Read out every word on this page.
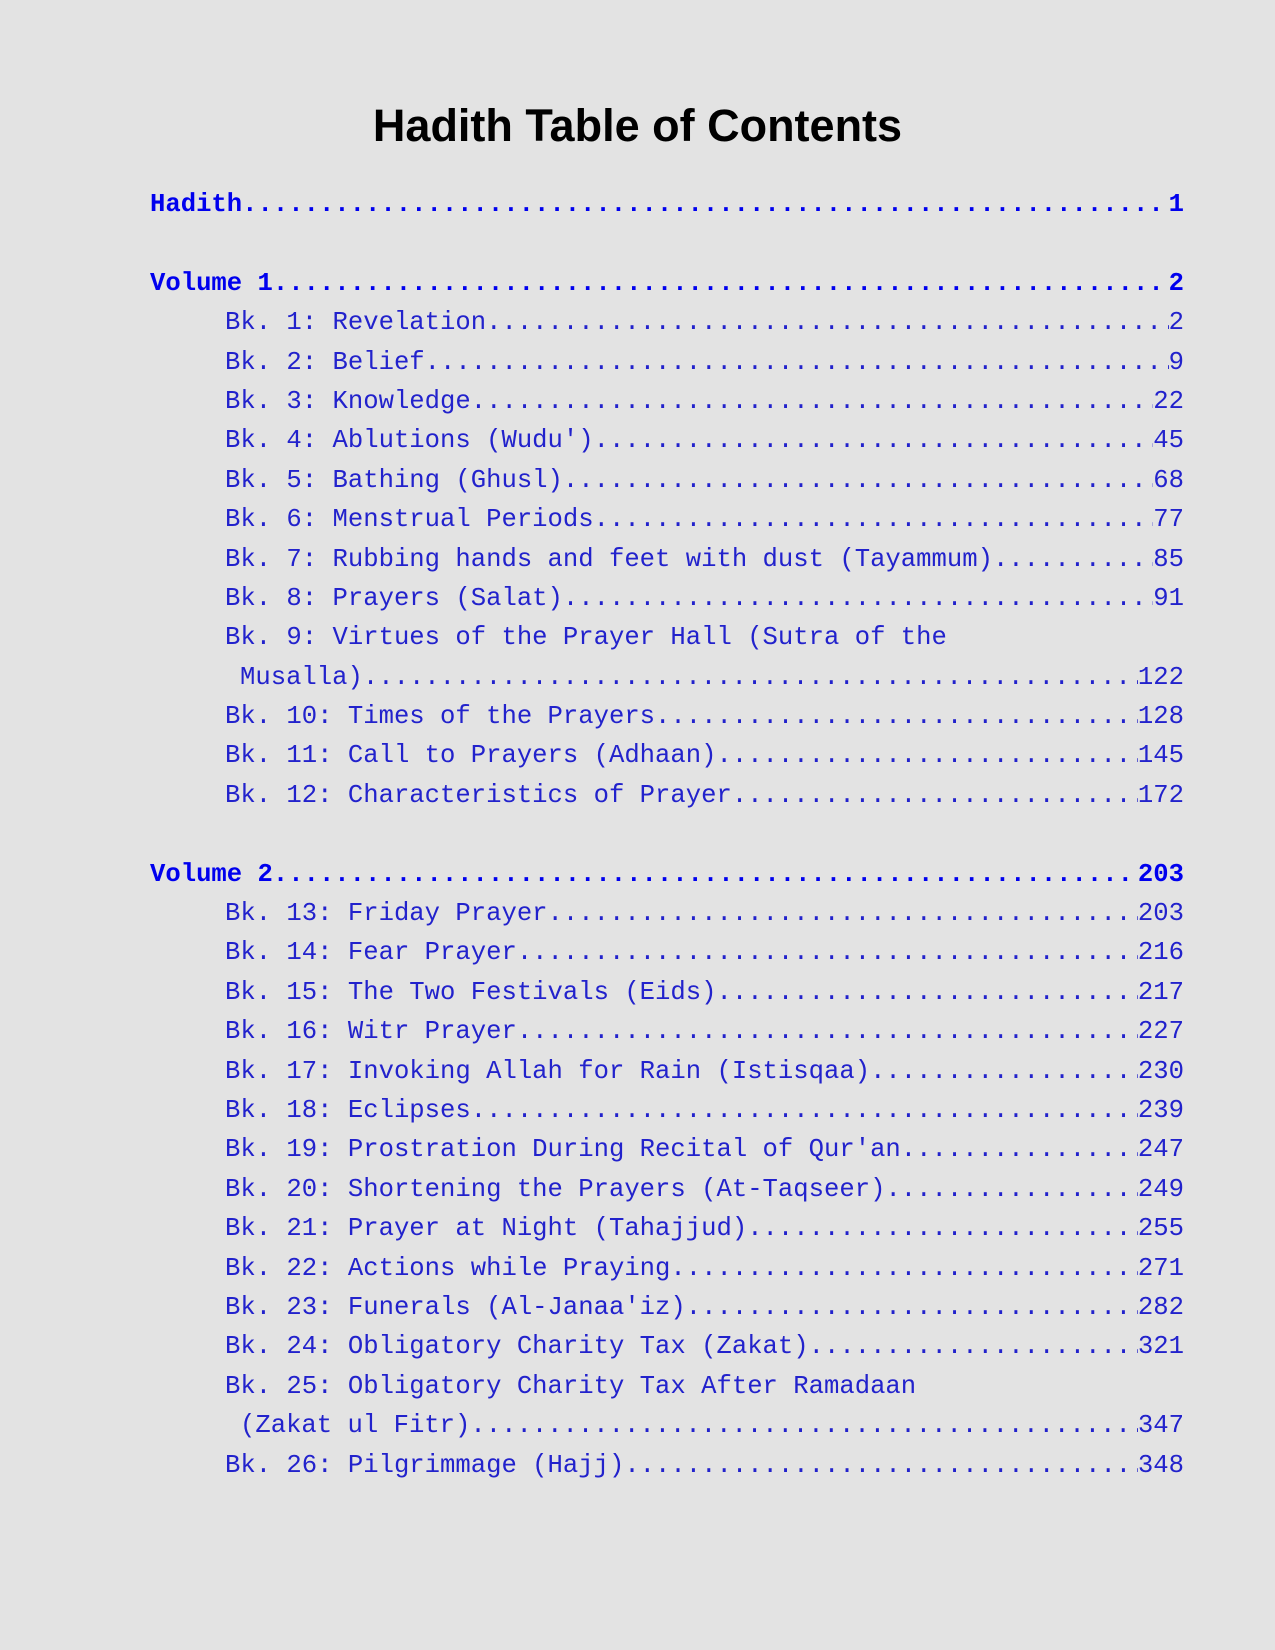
Hadith Table of Contents
Hadith .....	1
Volume 1 .....	2
Bk. 1: Revelation .....	2
Bk. 2: Belief .....	9
Bk. 3: Knowledge .....	22
Bk. 4: Ablutions (Wudu') .....	45
Bk. 5: Bathing (Ghusl) .....	68
Bk. 6: Menstrual Periods .....	77
Bk. 7: Rubbing hands and feet with dust (Tayammum) .....	85
Bk. 8: Prayers (Salat) .....	91
Bk. 9: Virtues of the Prayer Hall (Sutra of the
Musalla) .....	122
Bk. 10: Times of the Prayers .....	128
Bk. 11: Call to Prayers (Adhaan) .....	145
Bk. 12: Characteristics of Prayer .....	172
Volume 2 .....	203
Bk. 13: Friday Prayer .....	203
Bk. 14: Fear Prayer .....	216
Bk. 15: The Two Festivals (Eids) .....	217
Bk. 16: Witr Prayer .....	227
Bk. 17: Invoking Allah for Rain (Istisqaa) .....	230
Bk. 18: Eclipses .....	239
Bk. 19: Prostration During Recital of Qur'an .....	247
Bk. 20: Shortening the Prayers (At-Taqseer) .....	249
Bk. 21: Prayer at Night (Tahajjud) .....	255
Bk. 22: Actions while Praying .....	271
Bk. 23: Funerals (Al-Janaa'iz) .....	282
Bk. 24: Obligatory Charity Tax (Zakat) .....	321
Bk. 25: Obligatory Charity Tax After Ramadaan
(Zakat ul Fitr) .....	347
Bk. 26: Pilgrimmage (Hajj) .....	348
